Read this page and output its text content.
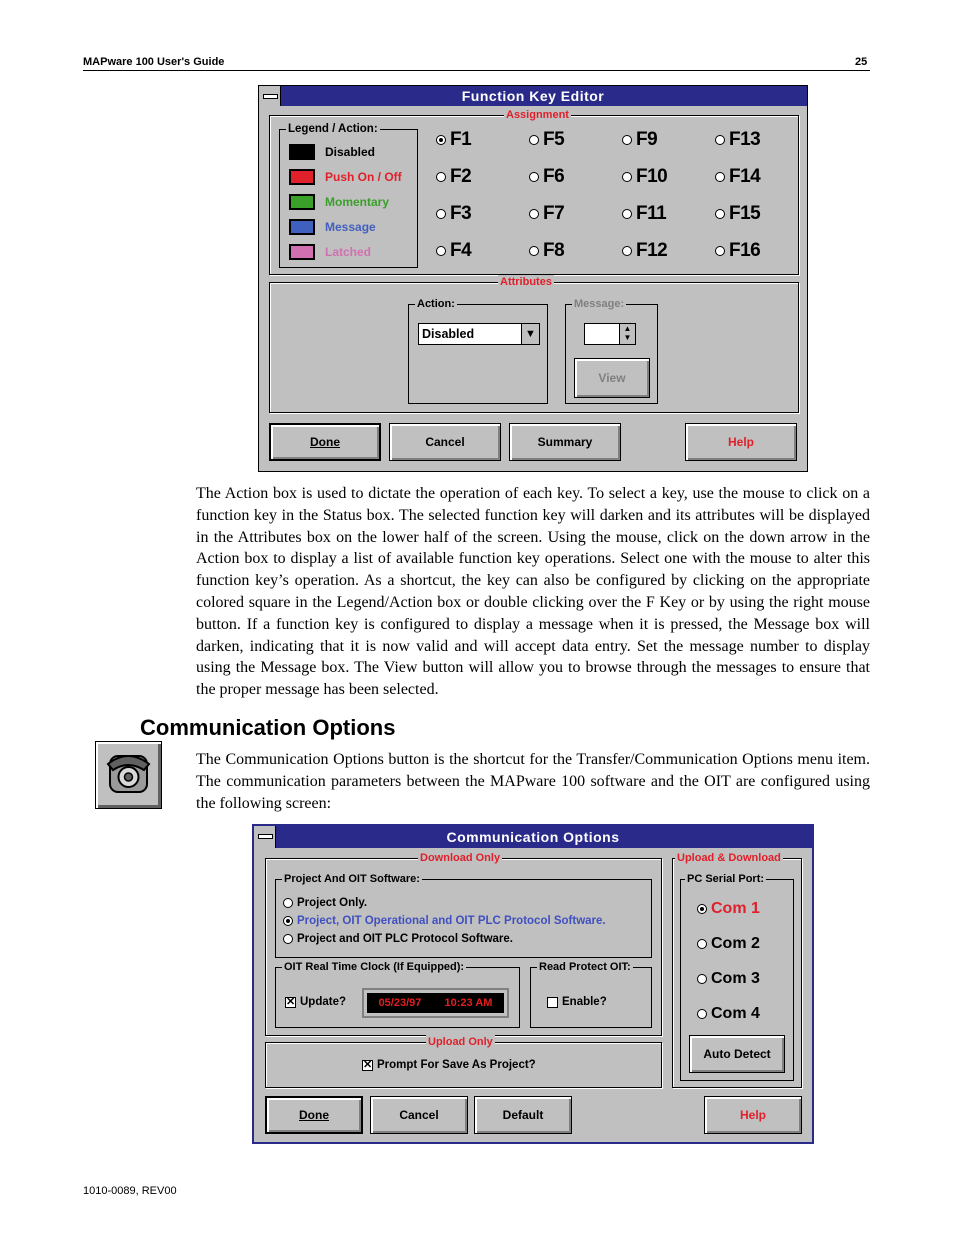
MAPware 100 User's Guide	25
Function Key Editor
Assignment
Legend / Action:
Disabled
Push On / Off
Momentary
Message
Latched
F1	F5	F9	F13
F2	F6	F10	F14
F3	F7	F11	F15
F4	F8	F12	F16
Attributes
Action:
Disabled	▼
Message:
▲
▼
View
Done	Cancel	Summary	Help
The Action box is used to dictate the operation of each key. To select a key, use the mouse to click on a function key in the Status box. The selected function key will darken and its attributes will be displayed in the Attributes box on the lower half of the screen. Using the mouse, click on the down arrow in the Action box to display a list of available function key operations. Select one with the mouse to alter this function key’s operation. As a shortcut, the key can also be configured by clicking on the appropriate colored square in the Legend/Action box or double clicking over the F Key or by using the right mouse button. If a function key is configured to display a message when it is pressed, the Message box will darken, indicating that it is now valid and will accept data entry. Set the message number to display using the Message box. The View button will allow you to browse through the messages to ensure that the proper message has been selected.
Communication Options
The Communication Options button is the shortcut for the Transfer/Communication Options menu item. The communication parameters between the MAPware 100 software and the OIT are configured using the following screen:
Communication Options
Download Only
Project And OIT Software:
Project Only.
Project, OIT Operational and OIT PLC Protocol Software.
Project and OIT PLC Protocol Software.
OIT Real Time Clock (If Equipped):
✕ Update?	05/23/97 10:23 AM
Read Protect OIT:
Enable?
Upload Only
✕ Prompt For Save As Project?
Upload & Download
PC Serial Port:
Com 1
Com 2
Com 3
Com 4
Auto Detect
Done	Cancel	Default	Help
1010-0089, REV00
